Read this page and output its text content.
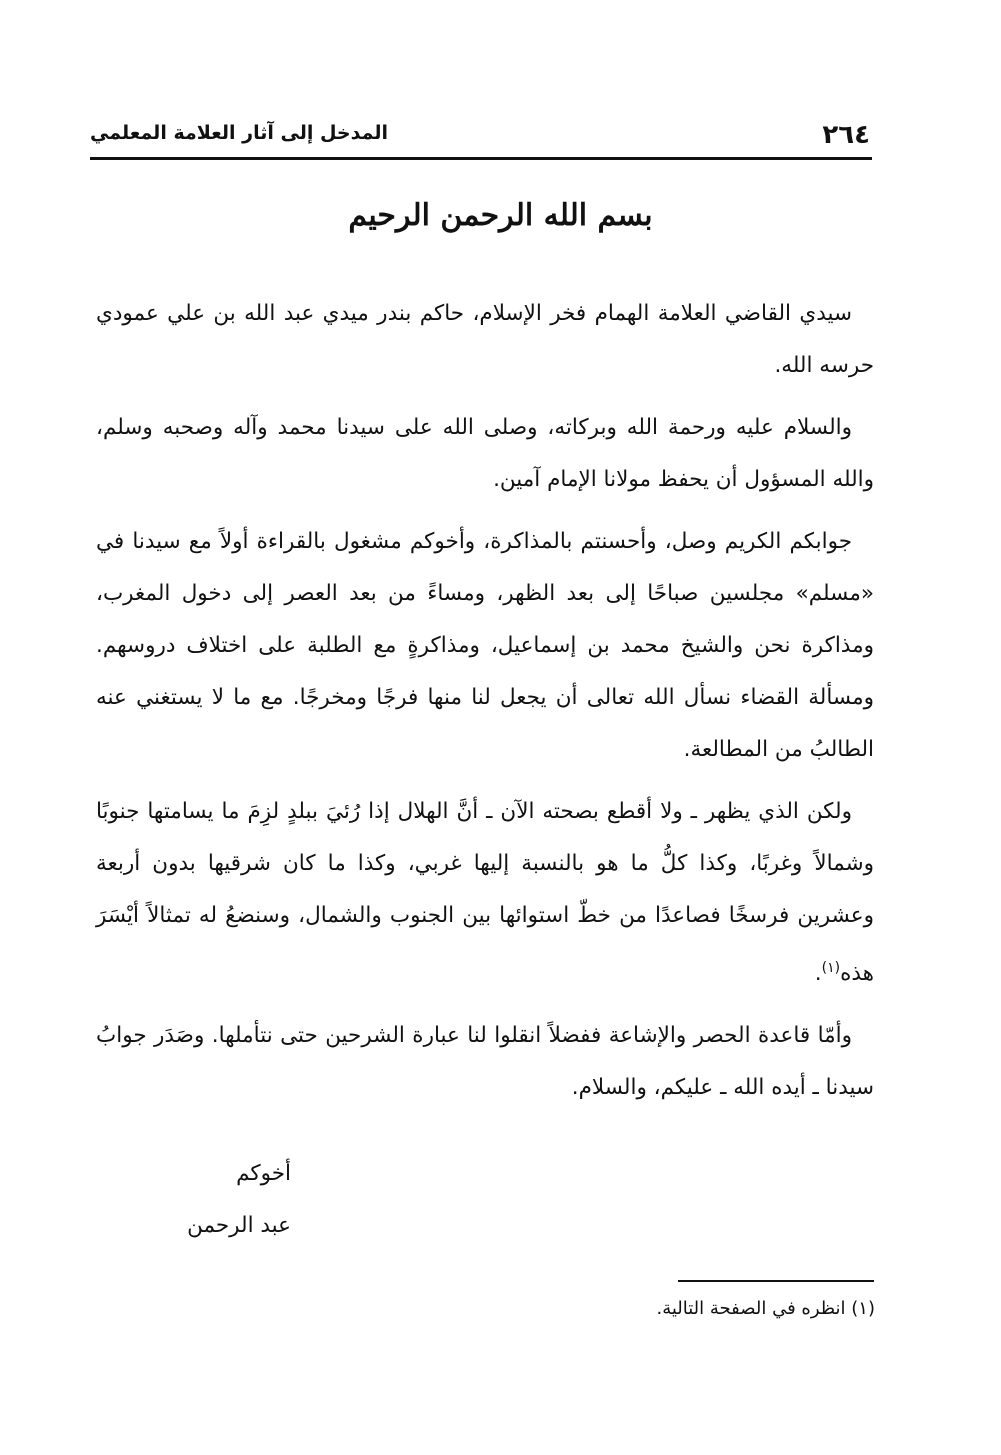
٢٦٤
المدخل إلى آثار العلامة المعلمي
بسم الله الرحمن الرحيم

سيدي القاضي العلامة الهمام فخر الإسلام، حاكم بندر ميدي عبد الله بن علي عمودي حرسه الله.

والسلام عليه ورحمة الله وبركاته، وصلى الله على سيدنا محمد وآله وصحبه وسلم، والله المسؤول أن يحفظ مولانا الإمام آمين.

جوابكم الكريم وصل، وأحسنتم بالمذاكرة، وأخوكم مشغول بالقراءة أولاً مع سيدنا في «مسلم» مجلسين صباحًا إلى بعد الظهر، ومساءً من بعد العصر إلى دخول المغرب، ومذاكرة نحن والشيخ محمد بن إسماعيل، ومذاكرةٍ مع الطلبة على اختلاف دروسهم. ومسألة القضاء نسأل الله تعالى أن يجعل لنا منها فرجًا ومخرجًا. مع ما لا يستغني عنه الطالبُ من المطالعة.

ولكن الذي يظهر ـ ولا أقطع بصحته الآن ـ أنَّ الهلال إذا رُئيَ ببلدٍ لزِمَ ما يسامتها جنوبًا وشمالاً وغربًا، وكذا كلُّ ما هو بالنسبة إليها غربي، وكذا ما كان شرقيها بدون أربعة وعشرين فرسخًا فصاعدًا من خطّ استوائها بين الجنوب والشمال، وسنضعُ له تمثالاً أيْسَرَ هذه$^{(١)}$.

وأمّا قاعدة الحصر والإشاعة ففضلاً انقلوا لنا عبارة الشرحين حتى نتأملها. وصَدَر جوابُ سيدنا ـ أيده الله ـ عليكم، والسلام.

أخوكم
عبد الرحمن
(١) انظره في الصفحة التالية.
